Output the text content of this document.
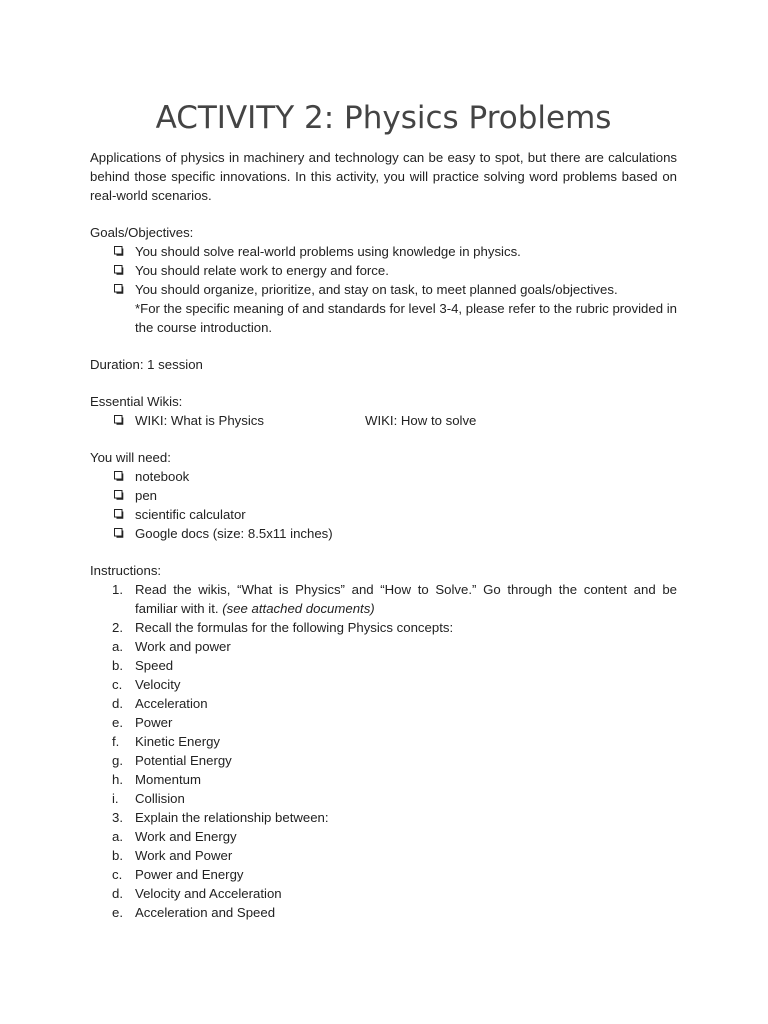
ACTIVITY 2: Physics Problems

Applications of physics in machinery and technology can be easy to spot, but there are calculations behind those specific innovations. In this activity, you will practice solving word problems based on real-world scenarios.

Goals/Objectives:

You should solve real-world problems using knowledge in physics.
You should relate work to energy and force.
You should organize, prioritize, and stay on task, to meet planned goals/objectives.
*For the specific meaning of and standards for level 3-4, please refer to the rubric provided in the course introduction.

Duration: 1 session

Essential Wikis:

WIKI: What is Physics	WIKI: How to solve

You will need:

notebook
pen
scientific calculator
Google docs (size: 8.5x11 inches)

Instructions:

1. Read the wikis, “What is Physics” and “How to Solve.” Go through the content and be familiar with it. (see attached documents)
2. Recall the formulas for the following Physics concepts:
a. Work and power
b. Speed
c. Velocity
d. Acceleration
e. Power
f. Kinetic Energy
g. Potential Energy
h. Momentum
i. Collision
3. Explain the relationship between:
a. Work and Energy
b. Work and Power
c. Power and Energy
d. Velocity and Acceleration
e. Acceleration and Speed
